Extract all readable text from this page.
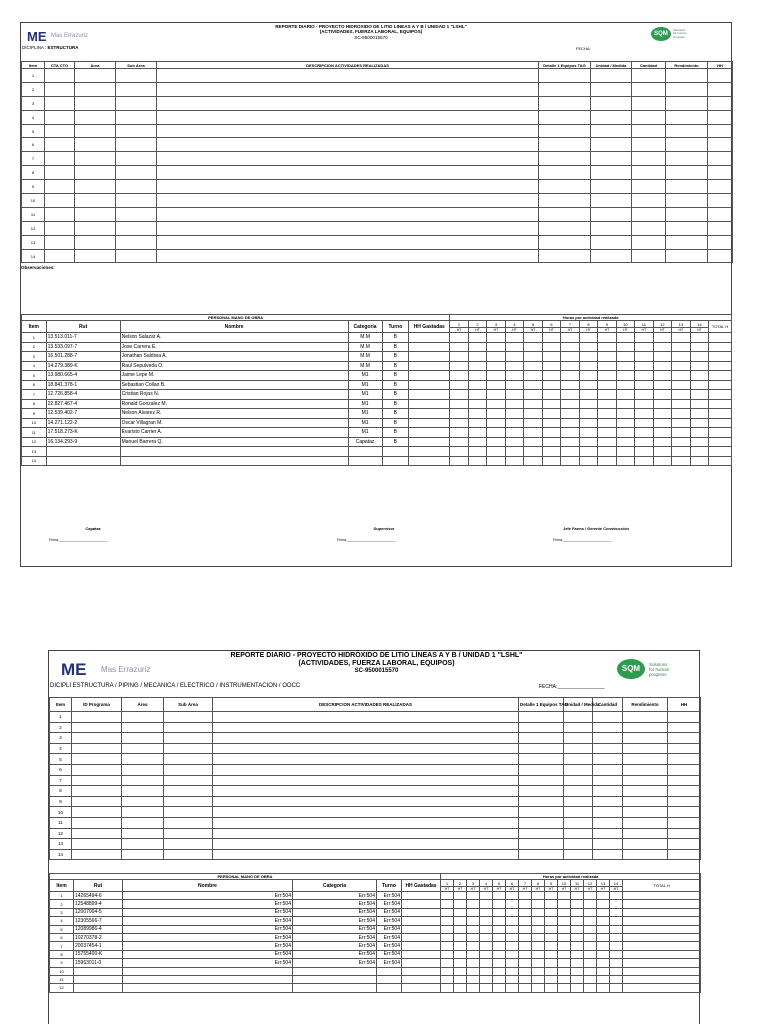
ME Mas Errazuriz
REPORTE DIARIO - PROYECTO HIDROXIDO DE LITIO LINEAS A Y B / UNIDAD 1 "LSHL"
(ACTIVIDADES, FUERZA LABORAL, EQUIPOS)
SC-9500015570
SQM
Solutions
for human
progress
DICIPLINA : ESTRUCTURA	FECHA:
Item	CTA CTO	Área	Sub Área	DESCRIPCION ACTIVIDADES REALIZADAS	Detalle 1 Equipos TAG	Unidad / Medida	Cantidad	Rendimiento	HH
1									
2									
3									
4									
5									
6									
7									
8									
9									
10									
11									
12									
13									
14									
Observaciones:
PERSONAL MANO DE OBRA						Horas por actividad realizada														
Item	Rut	Nombre	Categoria	Turno	HH Gastadas	1	2	3	4	5	6	7	8	9	10	11	12	13	14	TOTAL H
						HT	HT	HT	HT	HT	HT	HT	HT	HT	HT	HT	HT	HT	HT	
1	13.513.011-7	Nelson Salazar A.	M.M	B																
2	13.533.097-7	Jose Carrera E.	M.M	B																
3	16.501.288-7	Jonathan Saldivia A.	M.M	B																
4	14.279.389-K	Raul Sepulveda O.	M.M	B																
5	13.980.665-4	Jaime Lepe M.	M1	B																
6	18.841.378-1	Sebastian Collao B.	M1	B																
7	12.726.858-4	Cristian Rojas N.	M1	B																
8	22.827.467-4	Ronald Gonzalez M.	M1	B																
9	12.539.402-7	Nelson Alvarez R.	M1	B																
10	14.271.122-2	Oscar Villagran M.	M1	B																
11	17.518.273-K	Evaristo Carrier A.	M1	B																
12	16.134.293-9	Manuel Barrera Q.	Capataz	B																
13																				
14																				
Capataz
Firma:_________________________
Supervisor
Firma:_________________________
Jefe Faena / Gerente Construcción
Firma:_________________________
ME Mas Errazuriz
REPORTE DIARIO - PROYECTO HIDRÓXIDO DE LITIO LÍNEAS A Y B / UNIDAD 1 "LSHL"
(ACTIVIDADES, FUERZA LABORAL, EQUIPOS)
SC-9500015570	SQM	Solutions
for human
progress
DICIPLI ESTRUCTURA / PIPING / MECANICA / ELECTRICO / INSTRUMENTACION / OOCC	FECHA:_________________
Item	ID Programa	Área	Sub Área	DESCRIPCION ACTIVIDADES REALIZADAS	Detalle 1 Equipos TAG	Unidad / Medida	Cantidad	Rendimiento	HH
1									
2									
3									
4									
5									
6									
7									
8									
9									
10									
11									
12									
13									
14									
PERSONAL MANO DE OBRA						Horas por actividad realizada														
Item	Rut	Nombre	Categoria	Turno	HH Gastadas	1	2	3	4	5	6	7	8	9	10	11	12	13	14	TOTAL H
						HT	HT	HT	HT	HT	HT	HT	HT	HT	HT	HT	HT	HT	HT	
1	14265494-6	Err:504	Err:504	Err:504																
2	12548899-4	Err:504	Err:504	Err:504																
3	12007004-5	Err:504	Err:504	Err:504																
4	12305566-7	Err:504	Err:504	Err:504																
5	12089986-4	Err:504	Err:504	Err:504																
6	10270378-2	Err:504	Err:504	Err:504																
7	20037454-1	Err:504	Err:504	Err:504																
8	15755400-K	Err:504	Err:504	Err:504																
9	15963011-0	Err:504	Err:504	Err:504																
10																				
11																				
12																				
